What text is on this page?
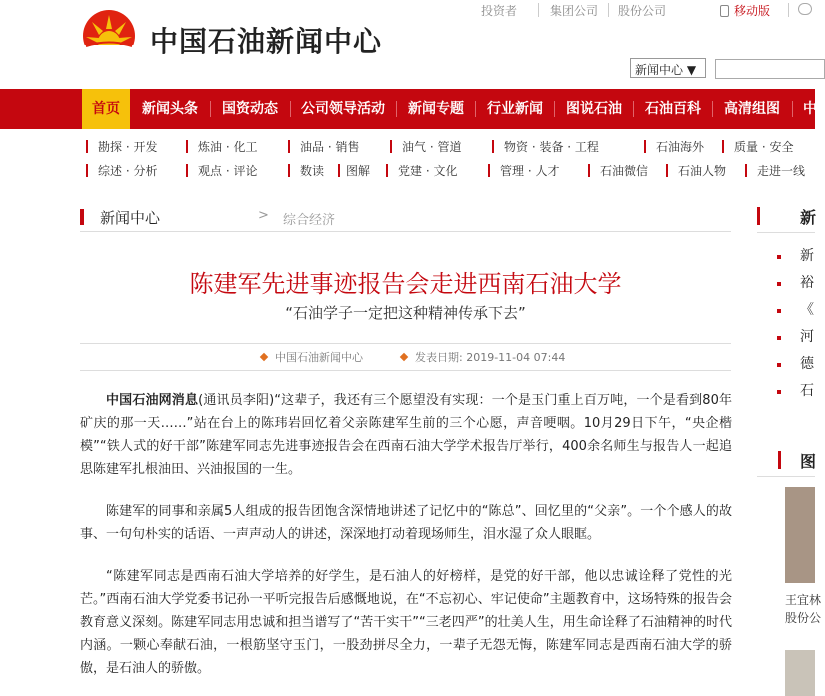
中国石油新闻中心
投资者	集团公司 股份公司	移动版
新闻中心 ▼
首页	新闻头条 国资动态 公司领导活动 新闻专题 行业新闻 图说石油 石油百科 高清组图 中
勘探 · 开发	炼油 · 化工	油品 · 销售	油气 · 管道	物资 · 装备 · 工程	石油海外 质量 · 安全
综述 · 分析	观点 · 评论	数读 图解 党建 · 文化	管理 · 人才	石油微信 石油人物	走进一线
新闻中心	> 综合经济
陈建军先进事迹报告会走进西南石油大学
“石油学子一定把这种精神传承下去”
中国石油新闻中心	发表日期: 2019-11-04 07:44
中国石油网消息(通讯员李阳)“这辈子，我还有三个愿望没有实现：一个是玉门重上百万吨，一个是看到80年矿庆的那一天……”站在台上的陈玮岩回忆着父亲陈建军生前的三个心愿，声音哽咽。10月29日下午，“央企楷模”“铁人式的好干部”陈建军同志先进事迹报告会在西南石油大学学术报告厅举行，400余名师生与报告人一起追思陈建军扎根油田、兴油报国的一生。
陈建军的同事和亲属5人组成的报告团饱含深情地讲述了记忆中的“陈总”、回忆里的“父亲”。一个个感人的故事、一句句朴实的话语、一声声动人的讲述，深深地打动着现场师生，泪水湿了众人眼眶。
“陈建军同志是西南石油大学培养的好学生，是石油人的好榜样，是党的好干部，他以忠诚诠释了党性的光芒。”西南石油大学党委书记孙一平听完报告后感慨地说，在“不忘初心、牢记使命”主题教育中，这场特殊的报告会教育意义深刻。陈建军同志用忠诚和担当谱写了“苦干实干”“三老四严”的壮美人生，用生命诠释了石油精神的时代内涵。一颗心奉献石油，一根筋坚守玉门，一股劲拼尽全力，一辈子无怨无悔，陈建军同志是西南石油大学的骄傲，是石油人的骄傲。
新
新
裕
《
河
德
石
图
王宜林
股份公
